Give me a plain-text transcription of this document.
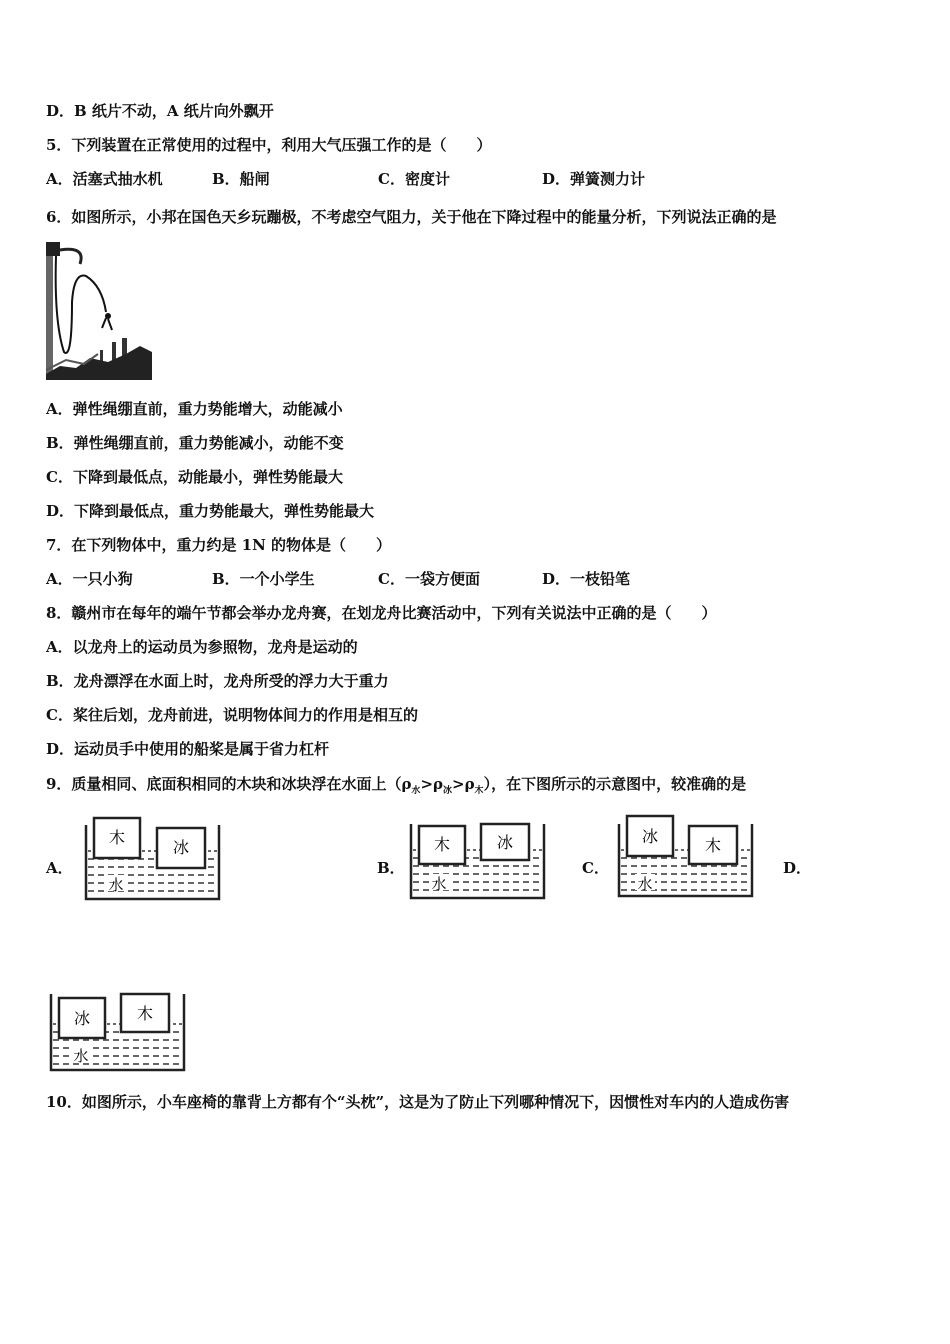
D．B 纸片不动，A 纸片向外飘开
5．下列装置在正常使用的过程中，利用大气压强工作的是（　　）
A．活塞式抽水机	B．船闸	C．密度计	D．弹簧测力计
6．如图所示，小邦在国色天乡玩蹦极，不考虑空气阻力，关于他在下降过程中的能量分析，下列说法正确的是
A．弹性绳绷直前，重力势能增大，动能减小
B．弹性绳绷直前，重力势能减小，动能不变
C．下降到最低点，动能最小，弹性势能最大
D．下降到最低点，重力势能最大，弹性势能最大
7．在下列物体中，重力约是 1N 的物体是（　　）
A．一只小狗	B．一个小学生	C．一袋方便面	D．一枝铅笔
8．赣州市在每年的端午节都会举办龙舟赛，在划龙舟比赛活动中，下列有关说法中正确的是（　　）
A．以龙舟上的运动员为参照物，龙舟是运动的
B．龙舟漂浮在水面上时，龙舟所受的浮力大于重力
C．桨往后划，龙舟前进，说明物体间力的作用是相互的
D．运动员手中使用的船桨是属于省力杠杆
9．质量相同、底面积相同的木块和冰块浮在水面上$(\rho_水>\rho_冰>\rho_木)$，在下图所示的示意图中，较准确的是
A．	B．	C．	D．
木
冰
水
木	冰
水
冰	木
水
冰	木
水
10．如图所示，小车座椅的靠背上方都有个“头枕”，这是为了防止下列哪种情况下，因惯性对车内的人造成伤害
